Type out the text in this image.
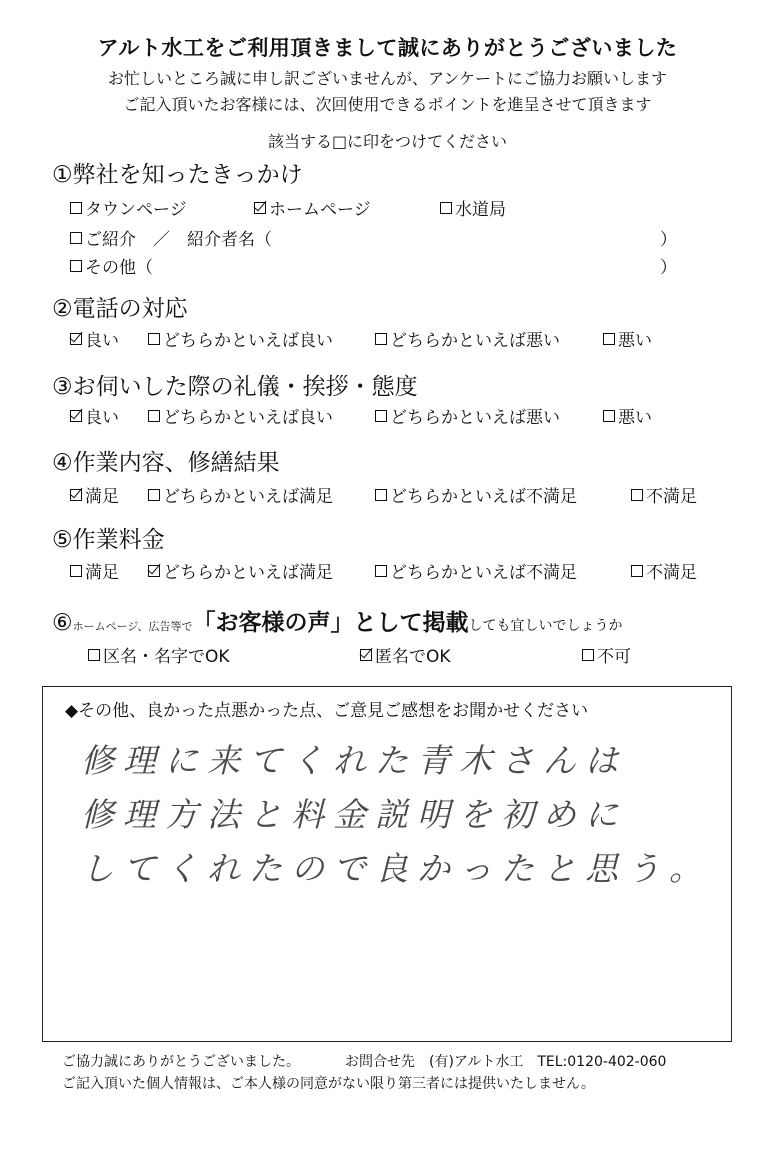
アルト水工をご利用頂きまして誠にありがとうございました
お忙しいところ誠に申し訳ございませんが、アンケートにご協力お願いします
ご記入頂いたお客様には、次回使用できるポイントを進呈させて頂きます
該当する□に印をつけてください
①弊社を知ったきっかけ
タウンページ	ホームページ	水道局
ご紹介　／　紹介者名（	）
その他（	）
②電話の対応
良い	どちらかといえば良い	どちらかといえば悪い	悪い
③お伺いした際の礼儀・挨拶・態度
良い	どちらかといえば良い	どちらかといえば悪い	悪い
④作業内容、修繕結果
満足	どちらかといえば満足	どちらかといえば不満足	不満足
⑤作業料金
満足	どちらかといえば満足	どちらかといえば不満足	不満足
⑥ ホームページ、広告等で 「お客様の声」として掲載 しても宜しいでしょうか
区名・名字でOK	匿名でOK	不可
◆その他、良かった点悪かった点、ご意見ご感想をお聞かせください
修理に来てくれた青木さんは
修理方法と料金説明を初めに
してくれたので良かったと思う。
ご協力誠にありがとうございました。	お問合せ先　(有)アルト水工　TEL:0120-402-060
ご記入頂いた個人情報は、ご本人様の同意がない限り第三者には提供いたしません。
